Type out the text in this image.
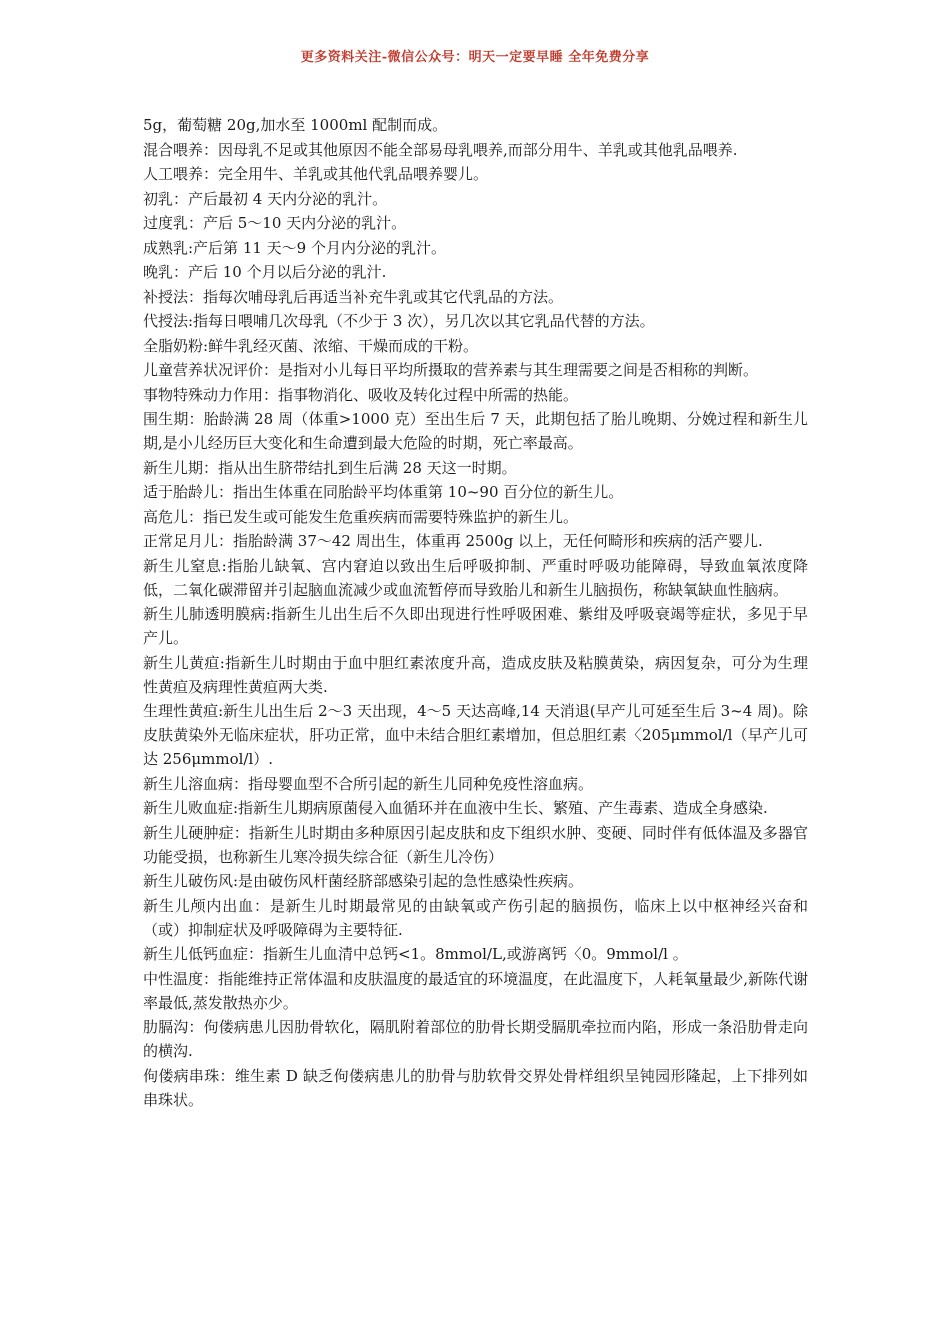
更多资料关注-微信公众号：明天一定要早睡 全年免费分享

5g，葡萄糖 20g,加水至 1000ml 配制而成。

混合喂养：因母乳不足或其他原因不能全部易母乳喂养,而部分用牛、羊乳或其他乳品喂养.

人工喂养：完全用牛、羊乳或其他代乳品喂养婴儿。

初乳：产后最初 4 天内分泌的乳汁。

过度乳：产后 5～10 天内分泌的乳汁。

成熟乳:产后第 11 天～9 个月内分泌的乳汁。

晚乳：产后 10 个月以后分泌的乳汁.

补授法：指每次哺母乳后再适当补充牛乳或其它代乳品的方法。

代授法:指每日喂哺几次母乳（不少于 3 次），另几次以其它乳品代替的方法。

全脂奶粉:鲜牛乳经灭菌、浓缩、干燥而成的干粉。

儿童营养状况评价：是指对小儿每日平均所摄取的营养素与其生理需要之间是否相称的判断。

事物特殊动力作用：指事物消化、吸收及转化过程中所需的热能。

围生期：胎龄满 28 周（体重>1000 克）至出生后 7 天，此期包括了胎儿晚期、分娩过程和新生儿期,是小儿经历巨大变化和生命遭到最大危险的时期，死亡率最高。

新生儿期：指从出生脐带结扎到生后满 28 天这一时期。

适于胎龄儿：指出生体重在同胎龄平均体重第 10~90 百分位的新生儿。

高危儿：指已发生或可能发生危重疾病而需要特殊监护的新生儿。

正常足月儿：指胎龄满 37～42 周出生，体重再 2500g 以上，无任何畸形和疾病的活产婴儿.

新生儿窒息:指胎儿缺氧、宫内窘迫以致出生后呼吸抑制、严重时呼吸功能障碍，导致血氧浓度降低，二氧化碳滞留并引起脑血流减少或血流暂停而导致胎儿和新生儿脑损伤，称缺氧缺血性脑病。

新生儿肺透明膜病:指新生儿出生后不久即出现进行性呼吸困难、紫绀及呼吸衰竭等症状，多见于早产儿。

新生儿黄疸:指新生儿时期由于血中胆红素浓度升高，造成皮肤及粘膜黄染，病因复杂，可分为生理性黄疸及病理性黄疸两大类.

生理性黄疸:新生儿出生后 2～3 天出现，4～5 天达高峰,14 天消退(早产儿可延至生后 3~4 周)。除皮肤黄染外无临床症状，肝功正常，血中未结合胆红素增加，但总胆红素〈205μmmol/l（早产儿可达 256μmmol/l）.

新生儿溶血病：指母婴血型不合所引起的新生儿同种免疫性溶血病。

新生儿败血症:指新生儿期病原菌侵入血循环并在血液中生长、繁殖、产生毒素、造成全身感染.

新生儿硬肿症：指新生儿时期由多种原因引起皮肤和皮下组织水肿、变硬、同时伴有低体温及多器官功能受损，也称新生儿寒冷损失综合征（新生儿冷伤）

新生儿破伤风:是由破伤风杆菌经脐部感染引起的急性感染性疾病。

新生儿颅内出血：是新生儿时期最常见的由缺氧或产伤引起的脑损伤，临床上以中枢神经兴奋和（或）抑制症状及呼吸障碍为主要特征.

新生儿低钙血症：指新生儿血清中总钙<1。8mmol/L,或游离钙〈0。9mmol/l 。

中性温度：指能维持正常体温和皮肤温度的最适宜的环境温度，在此温度下，人耗氧量最少,新陈代谢率最低,蒸发散热亦少。

肋膈沟：佝偻病患儿因肋骨软化，隔肌附着部位的肋骨长期受膈肌牵拉而内陷，形成一条沿肋骨走向的横沟.

佝偻病串珠：维生素 D 缺乏佝偻病患儿的肋骨与肋软骨交界处骨样组织呈钝园形隆起，上下排列如串珠状。
